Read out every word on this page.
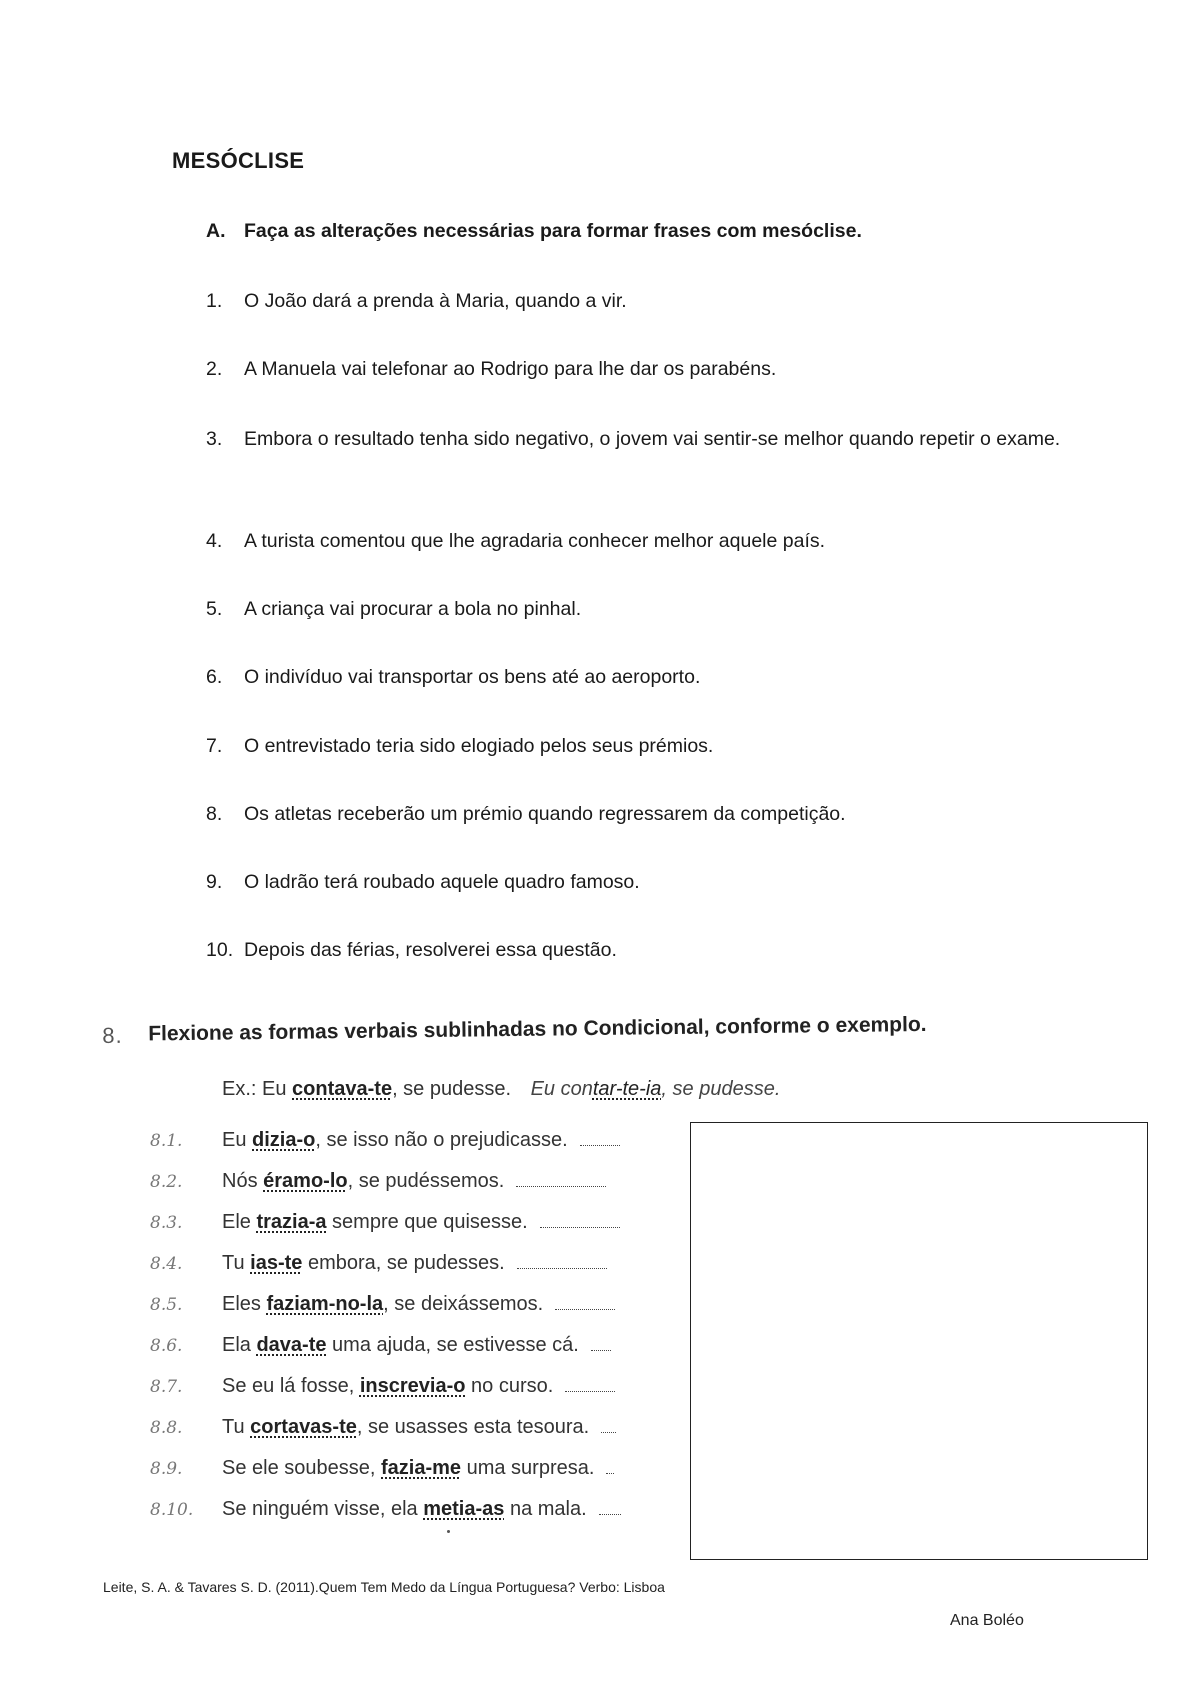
MESÓCLISE
A. Faça as alterações necessárias para formar frases com mesóclise.
1. O João dará a prenda à Maria, quando a vir.
2. A Manuela vai telefonar ao Rodrigo para lhe dar os parabéns.
3. Embora o resultado tenha sido negativo, o jovem vai sentir-se melhor quando repetir o exame.
4. A turista comentou que lhe agradaria conhecer melhor aquele país.
5. A criança vai procurar a bola no pinhal.
6. O indivíduo vai transportar os bens até ao aeroporto.
7. O entrevistado teria sido elogiado pelos seus prémios.
8. Os atletas receberão um prémio quando regressarem da competição.
9. O ladrão terá roubado aquele quadro famoso.
10. Depois das férias, resolverei essa questão.
8. Flexione as formas verbais sublinhadas no Condicional, conforme o exemplo.
Ex.: Eu contava-te, se pudesse. Eu contar-te-ia, se pudesse.
8.1. Eu dizia-o, se isso não o prejudicasse.
8.2. Nós éramo-lo, se pudéssemos.
8.3. Ele trazia-a sempre que quisesse.
8.4. Tu ias-te embora, se pudesses.
8.5. Eles faziam-no-la, se deixássemos.
8.6. Ela dava-te uma ajuda, se estivesse cá.
8.7. Se eu lá fosse, inscrevia-o no curso.
8.8. Tu cortavas-te, se usasses esta tesoura.
8.9. Se ele soubesse, fazia-me uma surpresa.
8.10. Se ninguém visse, ela metia-as na mala.
Leite, S. A. & Tavares S. D. (2011).Quem Tem Medo da Língua Portuguesa? Verbo: Lisboa
Ana Boléo
